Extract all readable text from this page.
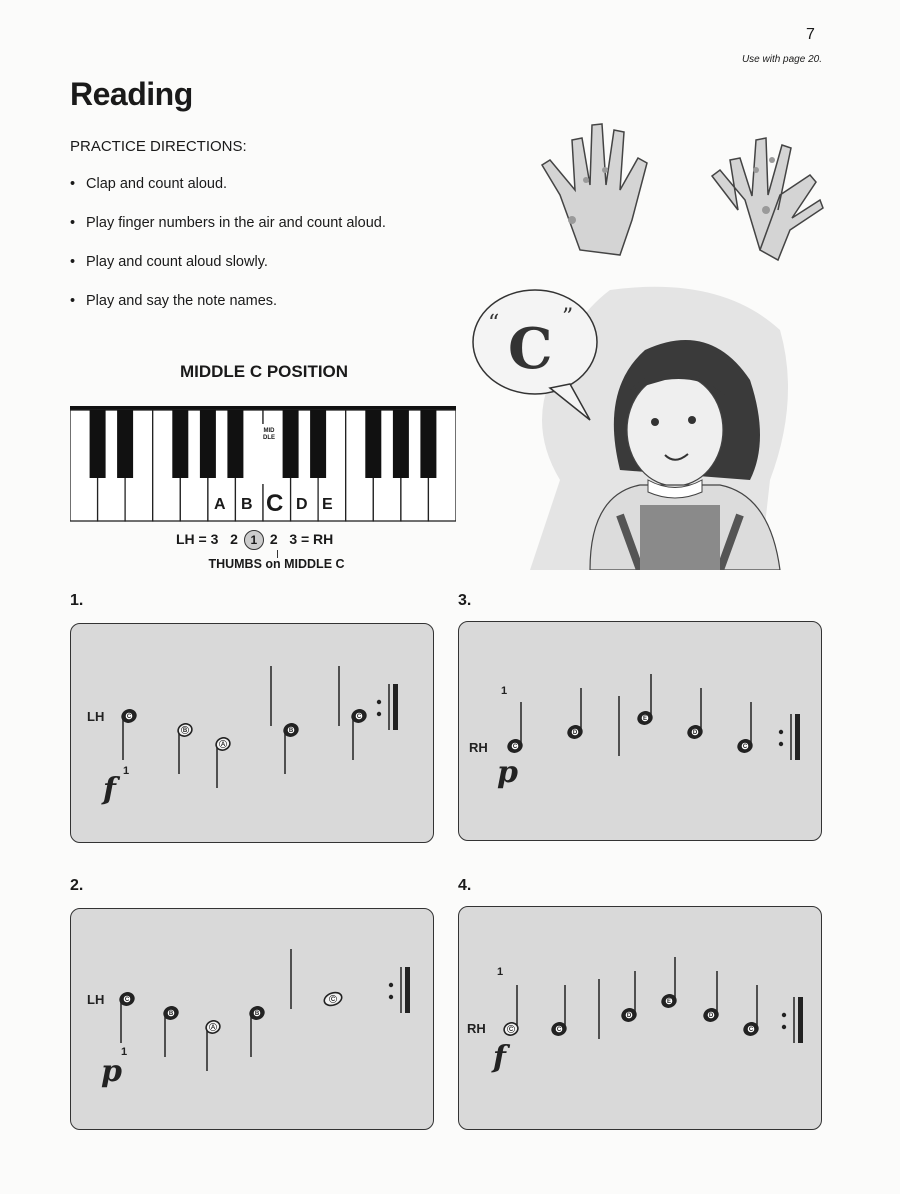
7
Use with page 20.
Reading
PRACTICE DIRECTIONS:
• Clap and count aloud.
• Play finger numbers in the air and count aloud.
• Play and count aloud slowly.
• Play and say the note names.
C
“	”
MIDDLE C POSITION
MIDDLE
A B C D E
LH = 3   2 1 2   3 = RH
THUMBS on MIDDLE C
1.
LH	C
B
A
B
C
1
f
3.
RH	C
D
E
D
C
1
p
2.
LH	C
B
A
B
C
1
p
4.
RH	C	C
D
E
D
C
1
f
